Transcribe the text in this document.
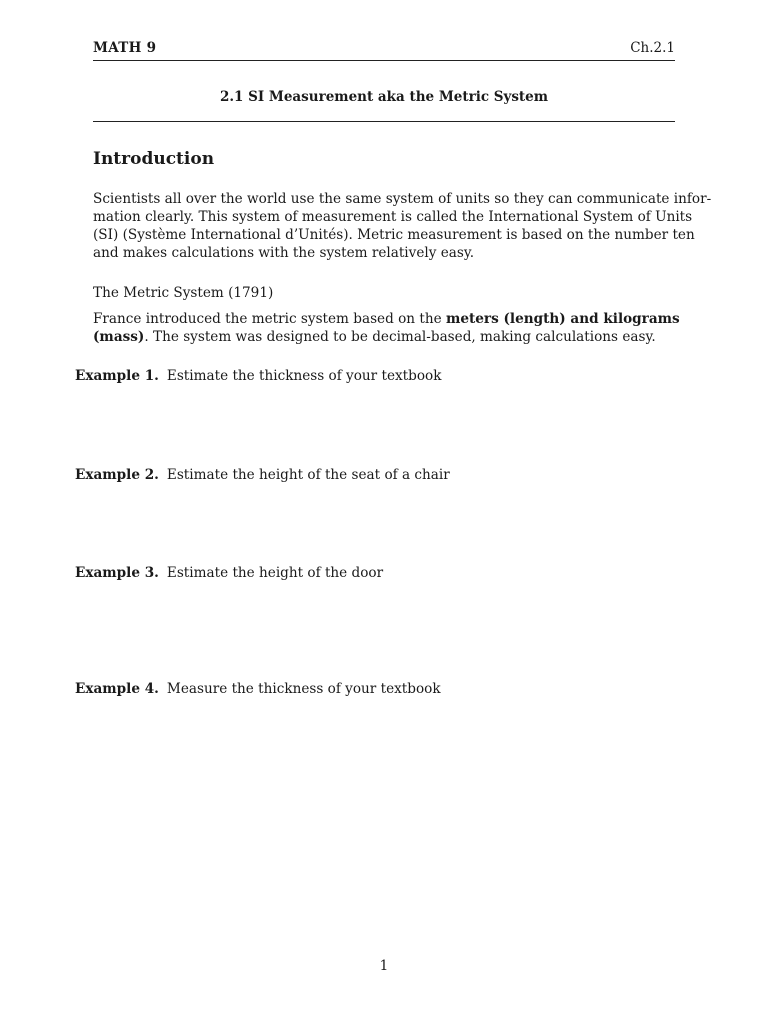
MATH 9	Ch.2.1
2.1 SI Measurement aka the Metric System
Introduction

Scientists all over the world use the same system of units so they can communicate infor-
mation clearly. This system of measurement is called the International System of Units
(SI) (Système International d’Unités). Metric measurement is based on the number ten
and makes calculations with the system relatively easy.

The Metric System (1791)

France introduced the metric system based on the meters (length) and kilograms
(mass). The system was designed to be decimal-based, making calculations easy.

Example 1. Estimate the thickness of your textbook
Example 2. Estimate the height of the seat of a chair
Example 3. Estimate the height of the door
Example 4. Measure the thickness of your textbook
1
